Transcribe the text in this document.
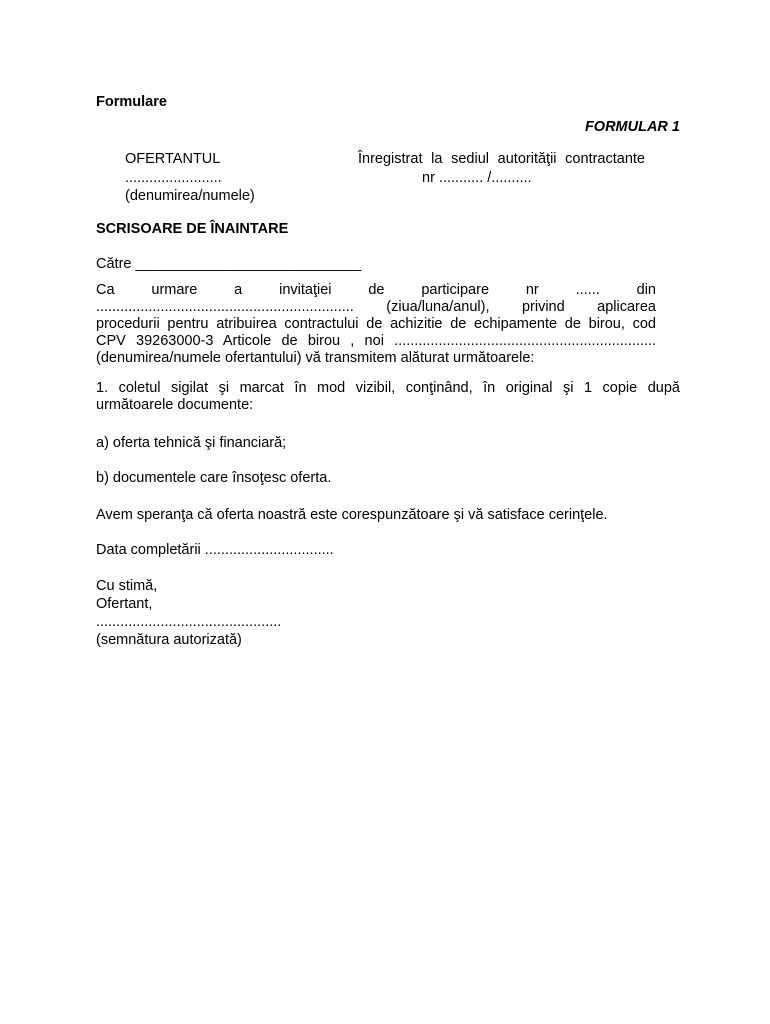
Formulare
FORMULAR 1
OFERTANTUL
........................
(denumirea/numele)
Înregistrat la sediul autorităţii contractante
nr ........... /..........
SCRISOARE DE ÎNAINTARE
Către ____________________________
Ca urmare a invitaţiei de participare nr ...... din
................................................................ (ziua/luna/anul), privind aplicarea
procedurii pentru atribuirea contractului de achizitie de echipamente de birou, cod
CPV 39263000-3 Articole de birou , noi .................................................................
(denumirea/numele ofertantului) vă transmitem alăturat următoarele:
1. coletul sigilat şi marcat în mod vizibil, conţinând, în original şi 1 copie după
următoarele documente:
a) oferta tehnică şi financiară;
b) documentele care însoţesc oferta.
Avem speranţa că oferta noastră este corespunzătoare şi vă satisface cerinţele.
Data completării ................................
Cu stimă,
Ofertant,
..............................................
(semnătura autorizată)
